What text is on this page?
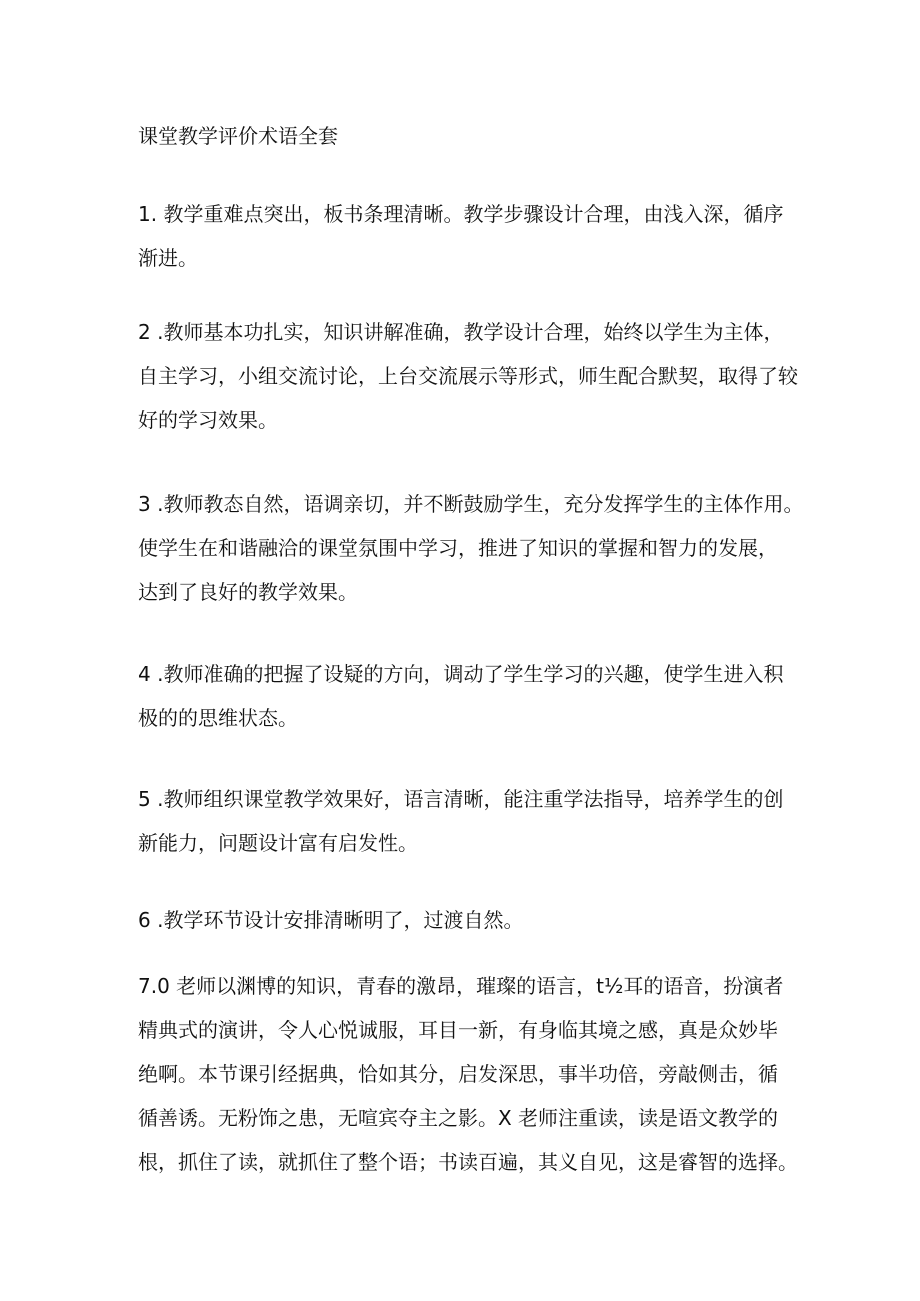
课堂教学评价术语全套
1. 教学重难点突出，板书条理清晰。教学步骤设计合理，由浅入深，循序
渐进。
2 .教师基本功扎实，知识讲解准确，教学设计合理，始终以学生为主体，
自主学习，小组交流讨论，上台交流展示等形式，师生配合默契，取得了较
好的学习效果。
3 .教师教态自然，语调亲切，并不断鼓励学生，充分发挥学生的主体作用。
使学生在和谐融洽的课堂氛围中学习，推进了知识的掌握和智力的发展，
达到了良好的教学效果。
4 .教师准确的把握了设疑的方向，调动了学生学习的兴趣，使学生进入积
极的的思维状态。
5 .教师组织课堂教学效果好，语言清晰，能注重学法指导，培养学生的创
新能力，问题设计富有启发性。
6 .教学环节设计安排清晰明了，过渡自然。
7.0 老师以渊博的知识，青春的激昂，璀璨的语言，t½耳的语音，扮演者
精典式的演讲，令人心悦诚服，耳目一新，有身临其境之感，真是众妙毕
绝啊。本节课引经据典，恰如其分，启发深思，事半功倍，旁敲侧击，循
循善诱。无粉饰之患，无喧宾夺主之影。X 老师注重读，读是语文教学的
根，抓住了读，就抓住了整个语；书读百遍，其义自见，这是睿智的选择。
